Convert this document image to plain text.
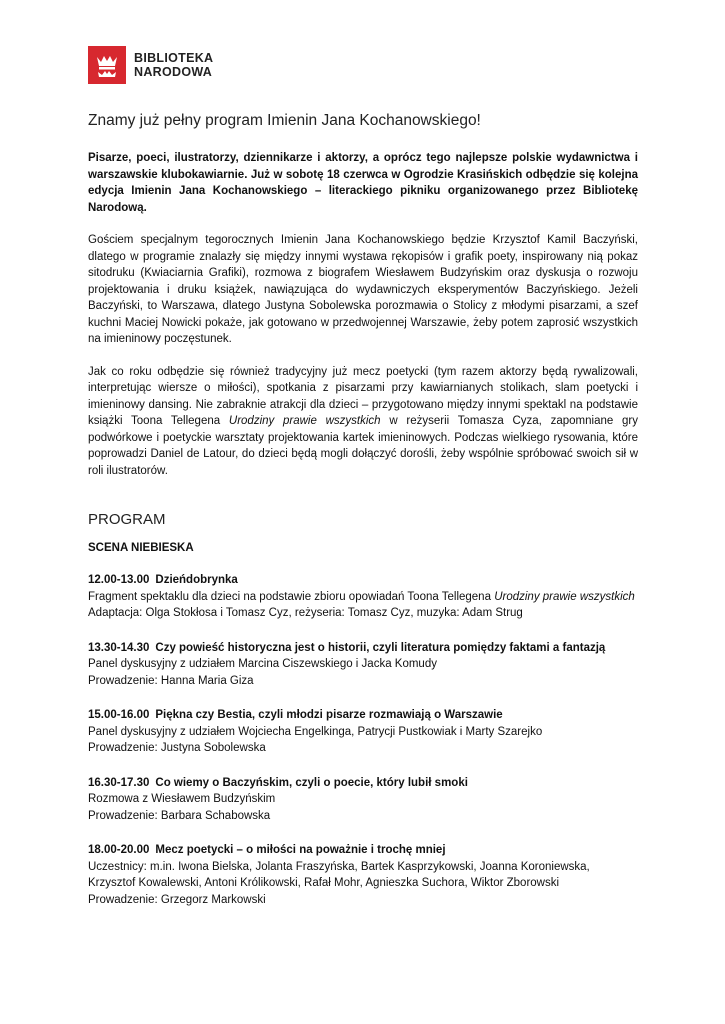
BIBLIOTEKA
NARODOWA
Znamy już pełny program Imienin Jana Kochanowskiego!
Pisarze, poeci, ilustratorzy, dziennikarze i aktorzy, a oprócz tego najlepsze polskie wydawnictwa i warszawskie klubokawiarnie. Już w sobotę 18 czerwca w Ogrodzie Krasińskich odbędzie się kolejna edycja Imienin Jana Kochanowskiego – literackiego pikniku organizowanego przez Bibliotekę Narodową.
Gościem specjalnym tegorocznych Imienin Jana Kochanowskiego będzie Krzysztof Kamil Baczyński, dlatego w programie znalazły się między innymi wystawa rękopisów i grafik poety, inspirowany nią pokaz sitodruku (Kwiaciarnia Grafiki), rozmowa z biografem Wiesławem Budzyńskim oraz dyskusja o rozwoju projektowania i druku książek, nawiązująca do wydawniczych eksperymentów Baczyńskiego. Jeżeli Baczyński, to Warszawa, dlatego Justyna Sobolewska porozmawia o Stolicy z młodymi pisarzami, a szef kuchni Maciej Nowicki pokaże, jak gotowano w przedwojennej Warszawie, żeby potem zaprosić wszystkich na imieninowy poczęstunek.
Jak co roku odbędzie się również tradycyjny już mecz poetycki (tym razem aktorzy będą rywalizowali, interpretując wiersze o miłości), spotkania z pisarzami przy kawiarnianych stolikach, slam poetycki i imieninowy dansing. Nie zabraknie atrakcji dla dzieci – przygotowano między innymi spektakl na podstawie książki Toona Tellegena Urodziny prawie wszystkich w reżyserii Tomasza Cyza, zapomniane gry podwórkowe i poetyckie warsztaty projektowania kartek imieninowych. Podczas wielkiego rysowania, które poprowadzi Daniel de Latour, do dzieci będą mogli dołączyć dorośli, żeby wspólnie spróbować swoich sił w roli ilustratorów.
PROGRAM
SCENA NIEBIESKA
12.00-13.00 Dzieńdobrynka
Fragment spektaklu dla dzieci na podstawie zbioru opowiadań Toona Tellegena Urodziny prawie wszystkich
Adaptacja: Olga Stokłosa i Tomasz Cyz, reżyseria: Tomasz Cyz, muzyka: Adam Strug
13.30-14.30 Czy powieść historyczna jest o historii, czyli literatura pomiędzy faktami a fantazją
Panel dyskusyjny z udziałem Marcina Ciszewskiego i Jacka Komudy
Prowadzenie: Hanna Maria Giza
15.00-16.00 Piękna czy Bestia, czyli młodzi pisarze rozmawiają o Warszawie
Panel dyskusyjny z udziałem Wojciecha Engelkinga, Patrycji Pustkowiak i Marty Szarejko
Prowadzenie: Justyna Sobolewska
16.30-17.30 Co wiemy o Baczyńskim, czyli o poecie, który lubił smoki
Rozmowa z Wiesławem Budzyńskim
Prowadzenie: Barbara Schabowska
18.00-20.00 Mecz poetycki – o miłości na poważnie i trochę mniej
Uczestnicy: m.in. Iwona Bielska, Jolanta Fraszyńska, Bartek Kasprzykowski, Joanna Koroniewska, Krzysztof Kowalewski, Antoni Królikowski, Rafał Mohr, Agnieszka Suchora, Wiktor Zborowski
Prowadzenie: Grzegorz Markowski
